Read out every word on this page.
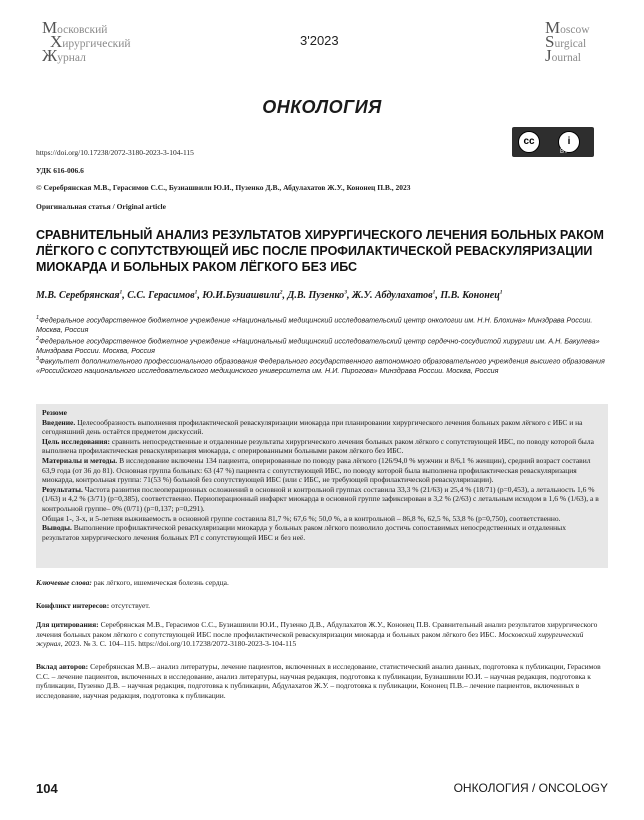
Московский
Хирургический
Журнал
3'2023
Moscow
Surgical
Journal
ОНКОЛОГИЯ
cc	i
BY
https://doi.org/10.17238/2072-3180-2023-3-104-115
УДК 616-006.6
© Серебрянская М.В., Герасимов С.С., Бузиашвили Ю.И., Пузенко Д.В., Абдулахатов Ж.У., Кононец П.В., 2023
Оригинальная статья / Original article
СРАВНИТЕЛЬНЫЙ АНАЛИЗ РЕЗУЛЬТАТОВ ХИРУРГИЧЕСКОГО ЛЕЧЕНИЯ БОЛЬНЫХ РАКОМ ЛЁГКОГО С СОПУТСТВУЮЩЕЙ ИБС ПОСЛЕ ПРОФИЛАКТИЧЕСКОЙ РЕВАСКУЛЯРИЗАЦИИ МИОКАРДА И БОЛЬНЫХ РАКОМ ЛЁГКОГО БЕЗ ИБС
М.В. Серебрянская$^1$, С.С. Герасимов$^1$, Ю.И.Бузиашвили$^2$, Д.В. Пузенко$^3$, Ж.У. Абдулахатов$^1$, П.В. Кононец$^1$
$^1$Федеральное государственное бюджетное учреждение «Национальный медицинский исследовательский центр онкологии им. Н.Н. Блохина» Минздрава России. Москва, Россия
$^2$Федеральное государственное бюджетное учреждение «Национальный медицинский исследовательский центр сердечно-сосудистой хирургии им. А.Н. Бакулева» Минздрава России. Москва, Россия
$^3$Факультет дополнительного профессионального образования Федерального государственного автономного образовательного учреждения высшего образования «Российского национального исследовательского медицинского университета им. Н.И. Пирогова» Минздрава России. Москва, Россия

Резюме

Введение. Целесообразность выполнения профилактической реваскуляризации миокарда при планировании хирургического лечения больных раком лёгкого с ИБС и на сегодняшний день остаётся предметом дискуссий.

Цель исследования: сравнить непосредственные и отдаленные результаты хирургического лечения больных раком лёгкого с сопутствующей ИБС, по поводу которой была выполнена профилактическая реваскуляризация миокарда, с оперированными больными раком лёгкого без ИБС.

Материалы и методы. В исследование включены 134 пациента, оперированные по поводу рака лёгкого (126/94,0 % мужчин и 8/6,1 % женщин), средний возраст составил 63,9 года (от 36 до 81). Основная группа больных: 63 (47 %) пациента с сопутствующей ИБС, по поводу которой была выполнена профилактическая реваскуляризация миокарда, контрольная группа: 71(53 %) больной без сопутствующей ИБС (или с ИБС, не требующей профилактической реваскуляризации).

Результаты. Частота развития послеоперационных осложнений в основной и контрольной группах составила 33,3 % (21/63) и 25,4 % (18/71) (p=0,453), а летальность 1,6 % (1/63) и 4,2 % (3/71) (p=0,385), соответственно. Периоперационный инфаркт миокарда в основной группе зафиксирован в 3,2 % (2/63) с летальным исходом в 1,6 % (1/63), а в контрольной группе– 0% (0/71) (p=0,137; p=0,291).

Общая 1-, 3-х, и 5-летняя выживаемость в основной группе составила 81,7 %; 67,6 %; 50,0 %, а в контрольной – 86,8 %, 62,5 %, 53,8 % (p=0,750), соответственно.

Выводы. Выполнение профилактической реваскуляризации миокарда у больных раком лёгкого позволило достичь сопоставимых непосредственных и отдаленных результатов хирургического лечения больных РЛ с сопутствующей ИБС и без неё.

Ключевые слова: рак лёгкого, ишемическая болезнь сердца.
Конфликт интересов: отсутствует.
Для цитирования: Серебрянская М.В., Герасимов С.С., Бузиашвили Ю.И., Пузенко Д.В., Абдулахатов Ж.У., Кононец П.В. Сравнительный анализ результатов хирургического лечения больных раком лёгкого с сопутствующей ИБС после профилактической реваскуляризации миокарда и больных раком лёгкого без ИБС. Московский хирургический журнал, 2023. № 3. С. 104–115. https://doi.org/10.17238/2072-3180-2023-3-104-115
Вклад авторов: Серебрянская М.В.– анализ литературы, лечение пациентов, включенных в исследование, статистический анализ данных, подготовка к публикации, Герасимов С.С. – лечение пациентов, включенных в исследование, анализ литературы, научная редакция, подготовка к публикации, Бузиашвили Ю.И. – научная редакция, подготовка к публикации, Пузенко Д.В. – научная редакция, подготовка к публикации, Абдулахатов Ж.У. – подготовка к публикации, Кононец П.В.– лечение пациентов, включенных в исследование, научная редакция, подготовка к публикации.
104	ОНКОЛОГИЯ / ONCOLOGY
